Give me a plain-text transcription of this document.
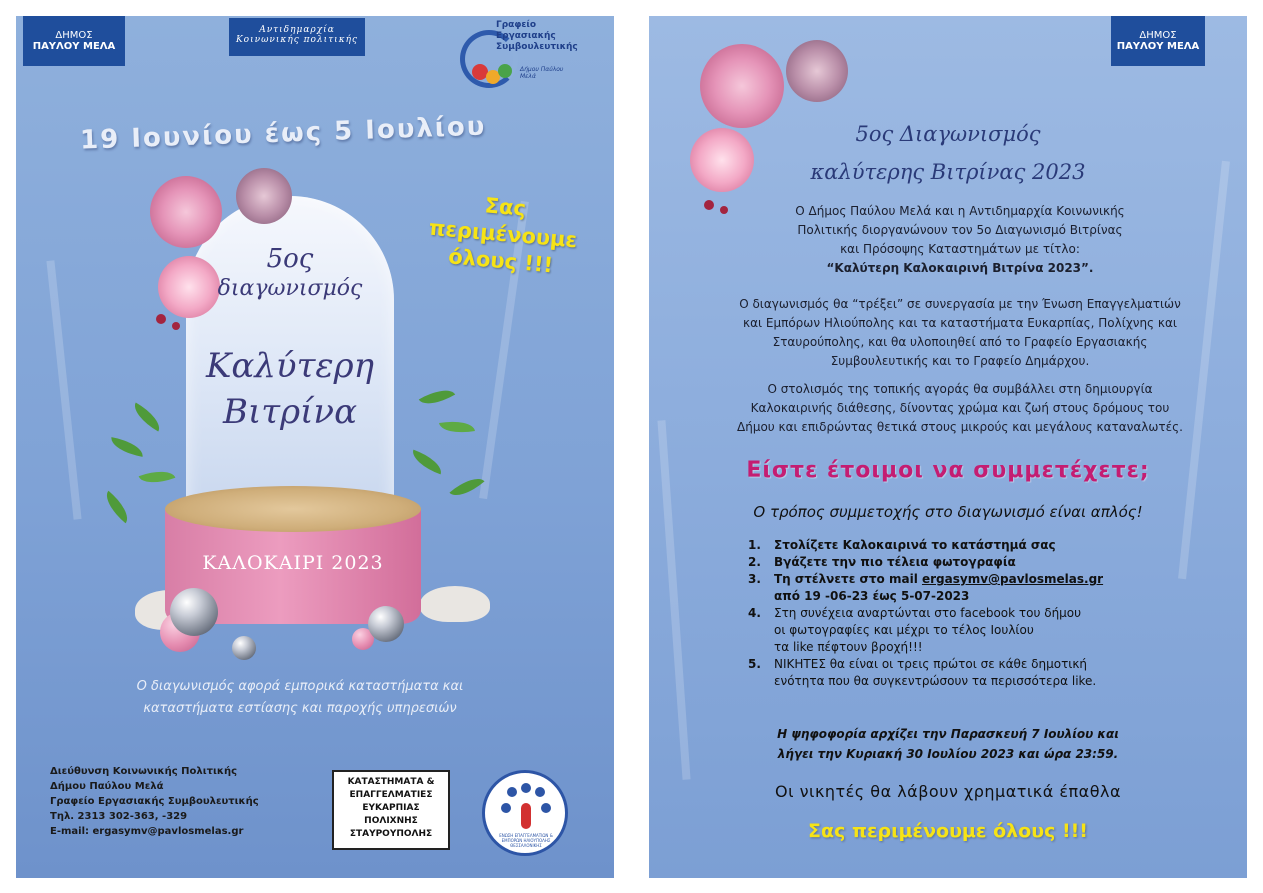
ΔΗΜΟΣ
ΠΑΥΛΟΥ ΜΕΛΑ
Αντιδημαρχία
Κοινωνικής πολιτικής
Γραφείο Εργασιακής
Συμβουλευτικής
Δήμου Παύλου Μελά
19 Ιουνίου έως 5 Ιουλίου
Σας
περιμένουμε
όλους !!!
5ος
διαγωνισμός
Καλύτερη
Βιτρίνα
ΚΑΛΟΚΑΙΡΙ 2023
Ο διαγωνισμός αφορά εμπορικά καταστήματα και
καταστήματα εστίασης και παροχής υπηρεσιών
Διεύθυνση Κοινωνικής Πολιτικής
Δήμου Παύλου Μελά
Γραφείο Εργασιακής Συμβουλευτικής
Τηλ. 2313 302-363, -329
E-mail: ergasymv@pavlosmelas.gr
ΚΑΤΑΣΤΗΜΑΤΑ &
ΕΠΑΓΓΕΛΜΑΤΙΕΣ
ΕΥΚΑΡΠΙΑΣ
ΠΟΛΙΧΝΗΣ
ΣΤΑΥΡΟΥΠΟΛΗΣ	ΕΝΩΣΗ ΕΠΑΓΓΕΛΜΑΤΙΩΝ & ΕΜΠΟΡΩΝ ΗΛΙΟΥΠΟΛΗΣ ΘΕΣΣΑΛΟΝΙΚΗΣ
ΔΗΜΟΣ
ΠΑΥΛΟΥ ΜΕΛΑ
5ος Διαγωνισμός
καλύτερης Βιτρίνας 2023
Ο Δήμος Παύλου Μελά και η Αντιδημαρχία Κοινωνικής
Πολιτικής διοργανώνουν τον 5ο Διαγωνισμό Βιτρίνας
και Πρόσοψης Καταστημάτων με τίτλο:
“Καλύτερη Καλοκαιρινή Βιτρίνα 2023”.
Ο διαγωνισμός θα “τρέξει” σε συνεργασία με την Ένωση Επαγγελματιών
και Εμπόρων Ηλιούπολης και τα καταστήματα Ευκαρπίας, Πολίχνης και
Σταυρούπολης, και θα υλοποιηθεί από το Γραφείο Εργασιακής
Συμβουλευτικής και το Γραφείο Δημάρχου.
Ο στολισμός της τοπικής αγοράς θα συμβάλλει στη δημιουργία
Καλοκαιρινής διάθεσης, δίνοντας χρώμα και ζωή στους δρόμους του
Δήμου και επιδρώντας θετικά στους μικρούς και μεγάλους καταναλωτές.
Είστε έτοιμοι να συμμετέχετε;
Ο τρόπος συμμετοχής στο διαγωνισμό είναι απλός!
1. Στολίζετε Καλοκαιρινά το κατάστημά σας
2. Βγάζετε την πιο τέλεια φωτογραφία
3. Τη στέλνετε στο mail ergasymv@pavlosmelas.gr
από 19 -06-23 έως 5-07-2023
4. Στη συνέχεια αναρτώνται στο facebook του δήμου
οι φωτογραφίες και μέχρι το τέλος Ιουλίου
τα like πέφτουν βροχή!!!
5. ΝΙΚΗΤΕΣ θα είναι οι τρεις πρώτοι σε κάθε δημοτική
ενότητα που θα συγκεντρώσουν τα περισσότερα like.
Η ψηφοφορία αρχίζει την Παρασκευή 7 Ιουλίου και
λήγει την Κυριακή 30 Ιουλίου 2023 και ώρα 23:59.
Οι νικητές θα λάβουν χρηματικά έπαθλα
Σας περιμένουμε όλους !!!
